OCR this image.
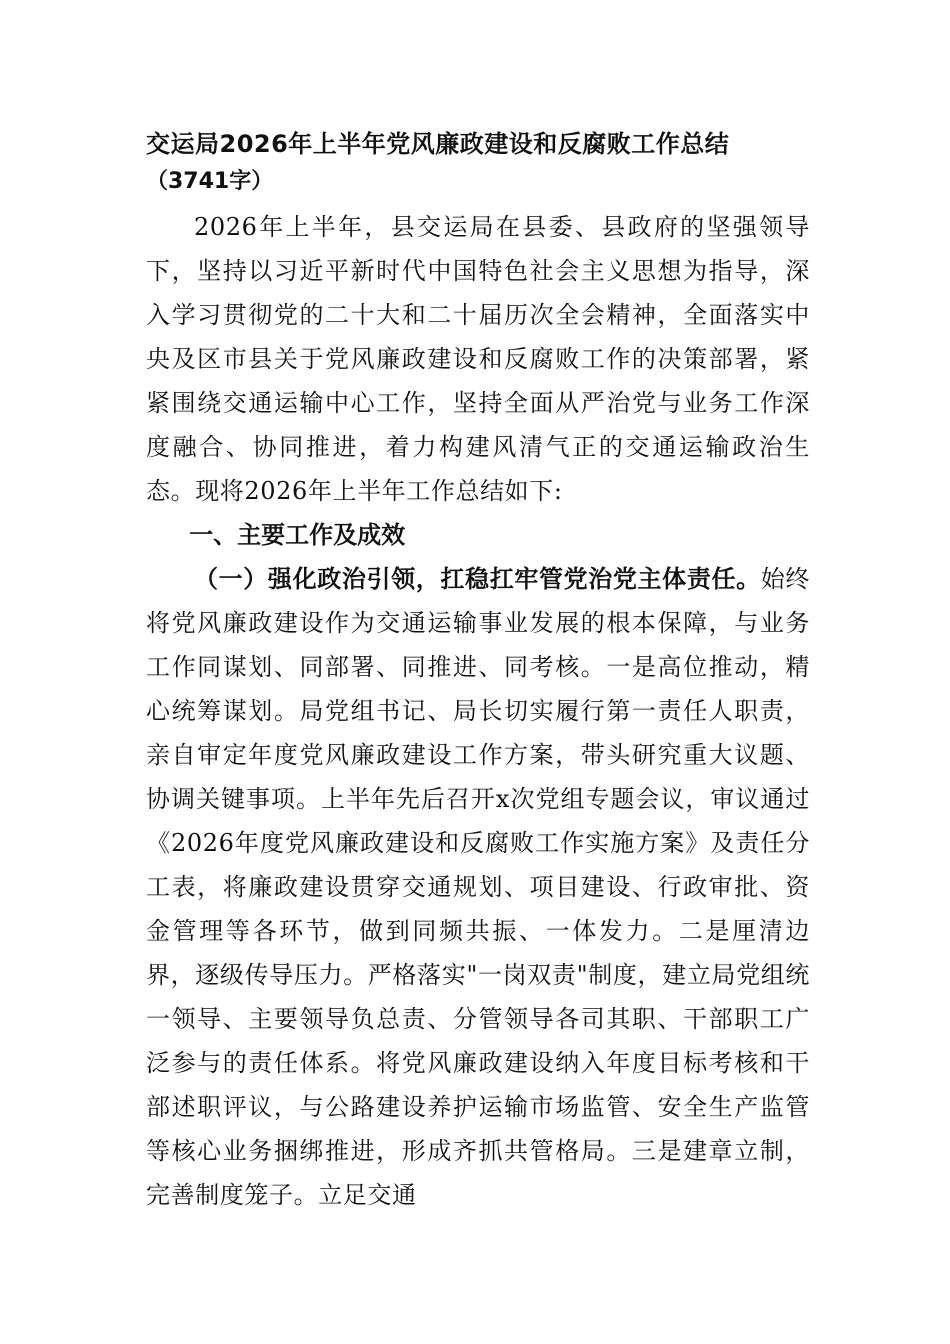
交运局2026年上半年党风廉政建设和反腐败工作总结

（3741字）

2026年上半年，县交运局在县委、县政府的坚强领导下，坚持以习近平新时代中国特色社会主义思想为指导，深入学习贯彻党的二十大和二十届历次全会精神，全面落实中央及区市县关于党风廉政建设和反腐败工作的决策部署，紧紧围绕交通运输中心工作，坚持全面从严治党与业务工作深度融合、协同推进，着力构建风清气正的交通运输政治生态。现将2026年上半年工作总结如下:

一、主要工作及成效

（一）强化政治引领，扛稳扛牢管党治党主体责任。始终将党风廉政建设作为交通运输事业发展的根本保障，与业务工作同谋划、同部署、同推进、同考核。一是高位推动，精心统筹谋划。局党组书记、局长切实履行第一责任人职责，亲自审定年度党风廉政建设工作方案，带头研究重大议题、协调关键事项。上半年先后召开x次党组专题会议，审议通过《2026年度党风廉政建设和反腐败工作实施方案》及责任分工表，将廉政建设贯穿交通规划、项目建设、行政审批、资金管理等各环节，做到同频共振、一体发力。二是厘清边界，逐级传导压力。严格落实"一岗双责"制度，建立局党组统一领导、主要领导负总责、分管领导各司其职、干部职工广泛参与的责任体系。将党风廉政建设纳入年度目标考核和干部述职评议，与公路建设养护运输市场监管、安全生产监管等核心业务捆绑推进，形成齐抓共管格局。三是建章立制，完善制度笼子。立足交通
